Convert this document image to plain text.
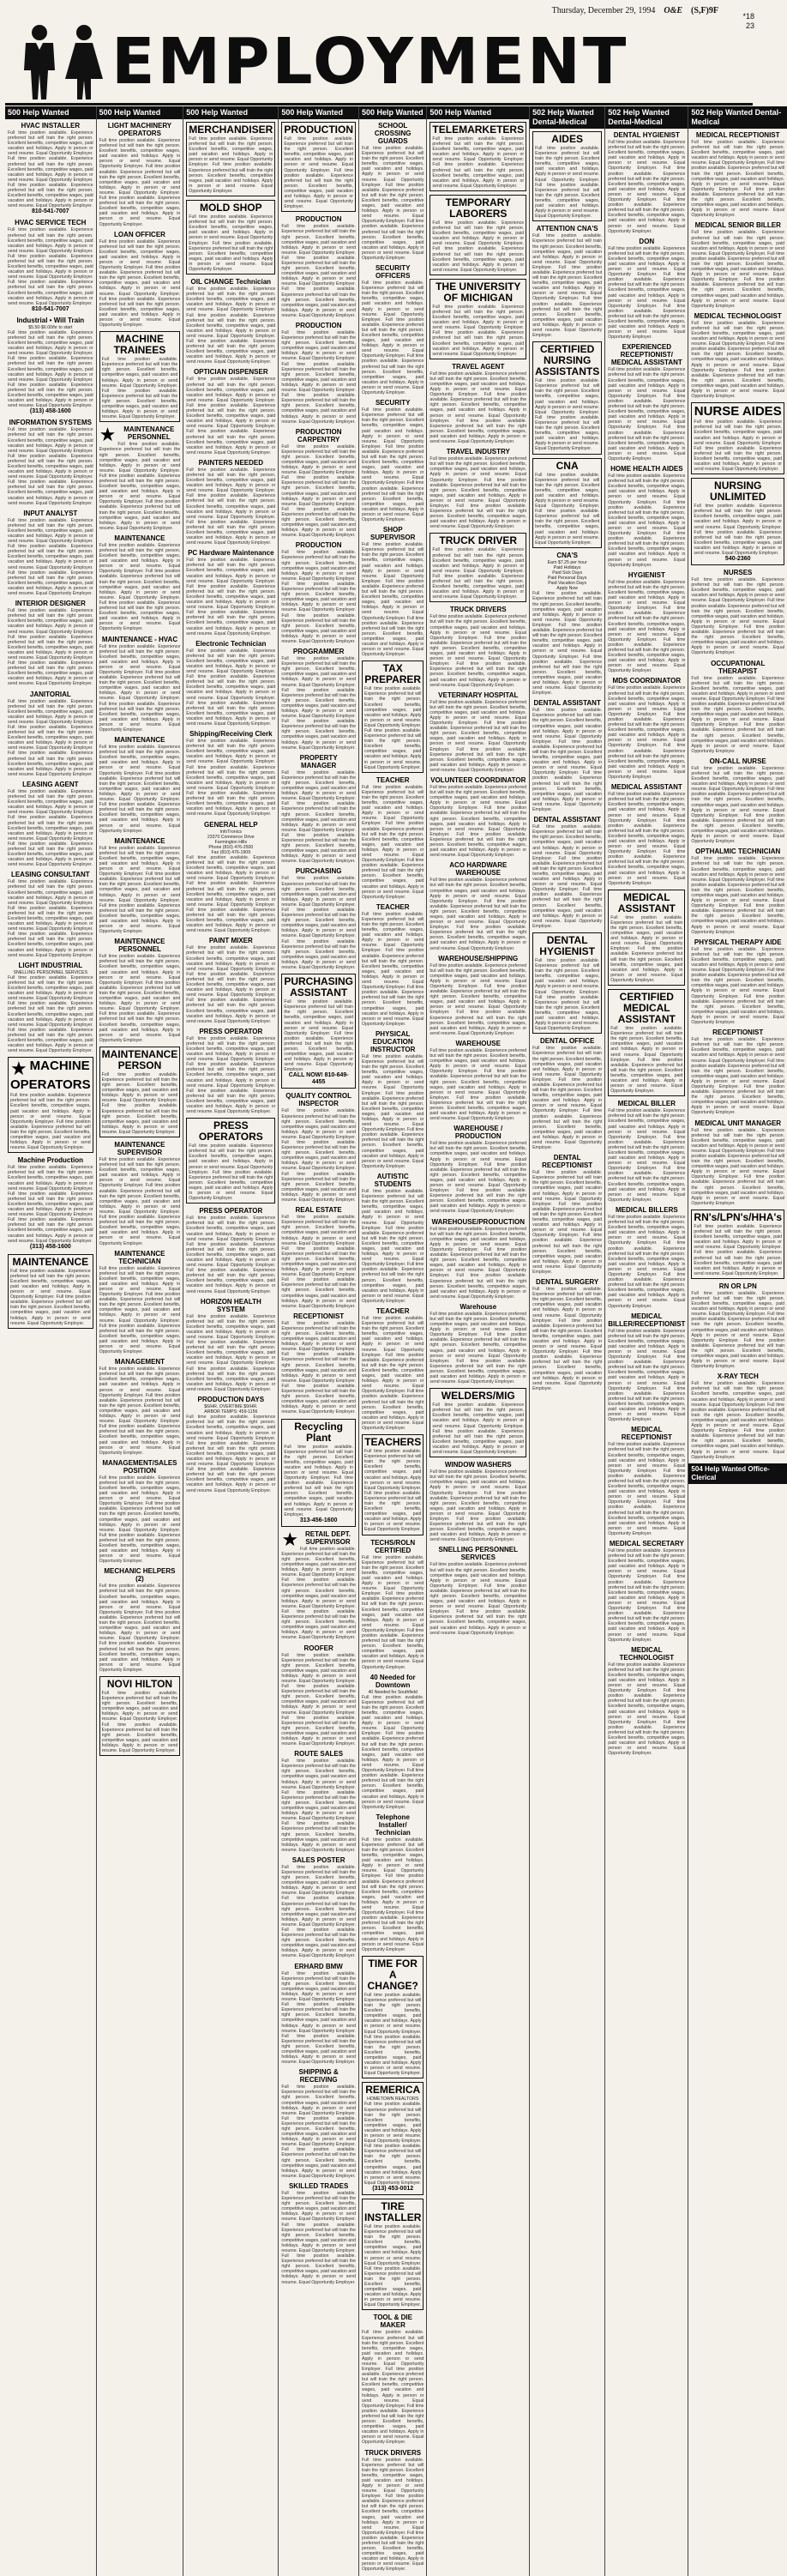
Thursday, December 29, 1994 O&E (S,F)9F
*18
23
EMPLOYMENT
500 Help Wanted

HVAC INSTALLER

Full time position available. Experience preferred but will train the right person. Excellent benefits, competitive wages, paid vacation and holidays. Apply in person or send resume. Equal Opportunity Employer. Full time position available. Experience preferred but will train the right person. Excellent benefits, competitive wages, paid vacation and holidays. Apply in person or send resume. Equal Opportunity Employer. Full time position available. Experience preferred but will train the right person. Excellent benefits, competitive wages, paid vacation and holidays. Apply in person or send resume. Equal Opportunity Employer.

810-541-7007

HVAC SERVICE TECH

Full time position available. Experience preferred but will train the right person. Excellent benefits, competitive wages, paid vacation and holidays. Apply in person or send resume. Equal Opportunity Employer. Full time position available. Experience preferred but will train the right person. Excellent benefits, competitive wages, paid vacation and holidays. Apply in person or send resume. Equal Opportunity Employer. Full time position available. Experience preferred but will train the right person. Excellent benefits, competitive wages, paid vacation and holidays. Apply in person or send resume. Equal Opportunity Employer.

810-541-7007

Industrial • Will Train

$5.50-$6.00/hr to start

Full time position available. Experience preferred but will train the right person. Excellent benefits, competitive wages, paid vacation and holidays. Apply in person or send resume. Equal Opportunity Employer. Full time position available. Experience preferred but will train the right person. Excellent benefits, competitive wages, paid vacation and holidays. Apply in person or send resume. Equal Opportunity Employer. Full time position available. Experience preferred but will train the right person. Excellent benefits, competitive wages, paid vacation and holidays. Apply in person or send resume. Equal Opportunity Employer.

(313) 458-1600

INFORMATION SYSTEMS

Full time position available. Experience preferred but will train the right person. Excellent benefits, competitive wages, paid vacation and holidays. Apply in person or send resume. Equal Opportunity Employer. Full time position available. Experience preferred but will train the right person. Excellent benefits, competitive wages, paid vacation and holidays. Apply in person or send resume. Equal Opportunity Employer. Full time position available. Experience preferred but will train the right person. Excellent benefits, competitive wages, paid vacation and holidays. Apply in person or send resume. Equal Opportunity Employer.

INPUT ANALYST

Full time position available. Experience preferred but will train the right person. Excellent benefits, competitive wages, paid vacation and holidays. Apply in person or send resume. Equal Opportunity Employer. Full time position available. Experience preferred but will train the right person. Excellent benefits, competitive wages, paid vacation and holidays. Apply in person or send resume. Equal Opportunity Employer. Full time position available. Experience preferred but will train the right person. Excellent benefits, competitive wages, paid vacation and holidays. Apply in person or send resume. Equal Opportunity Employer.

INTERIOR DESIGNER

Full time position available. Experience preferred but will train the right person. Excellent benefits, competitive wages, paid vacation and holidays. Apply in person or send resume. Equal Opportunity Employer. Full time position available. Experience preferred but will train the right person. Excellent benefits, competitive wages, paid vacation and holidays. Apply in person or send resume. Equal Opportunity Employer. Full time position available. Experience preferred but will train the right person. Excellent benefits, competitive wages, paid vacation and holidays. Apply in person or send resume. Equal Opportunity Employer.

JANITORIAL

Full time position available. Experience preferred but will train the right person. Excellent benefits, competitive wages, paid vacation and holidays. Apply in person or send resume. Equal Opportunity Employer. Full time position available. Experience preferred but will train the right person. Excellent benefits, competitive wages, paid vacation and holidays. Apply in person or send resume. Equal Opportunity Employer. Full time position available. Experience preferred but will train the right person. Excellent benefits, competitive wages, paid vacation and holidays. Apply in person or send resume. Equal Opportunity Employer.

LEASING AGENT

Full time position available. Experience preferred but will train the right person. Excellent benefits, competitive wages, paid vacation and holidays. Apply in person or send resume. Equal Opportunity Employer. Full time position available. Experience preferred but will train the right person. Excellent benefits, competitive wages, paid vacation and holidays. Apply in person or send resume. Equal Opportunity Employer. Full time position available. Experience preferred but will train the right person. Excellent benefits, competitive wages, paid vacation and holidays. Apply in person or send resume. Equal Opportunity Employer.

LEASING CONSULTANT

Full time position available. Experience preferred but will train the right person. Excellent benefits, competitive wages, paid vacation and holidays. Apply in person or send resume. Equal Opportunity Employer. Full time position available. Experience preferred but will train the right person. Excellent benefits, competitive wages, paid vacation and holidays. Apply in person or send resume. Equal Opportunity Employer. Full time position available. Experience preferred but will train the right person. Excellent benefits, competitive wages, paid vacation and holidays. Apply in person or send resume. Equal Opportunity Employer.

LIGHT INDUSTRIAL

SNELLING PERSONNEL SERVICES

Full time position available. Experience preferred but will train the right person. Excellent benefits, competitive wages, paid vacation and holidays. Apply in person or send resume. Equal Opportunity Employer. Full time position available. Experience preferred but will train the right person. Excellent benefits, competitive wages, paid vacation and holidays. Apply in person or send resume. Equal Opportunity Employer. Full time position available. Experience preferred but will train the right person. Excellent benefits, competitive wages, paid vacation and holidays. Apply in person or send resume. Equal Opportunity Employer.

★ MACHINE OPERATORS

Full time position available. Experience preferred but will train the right person. Excellent benefits, competitive wages, paid vacation and holidays. Apply in person or send resume. Equal Opportunity Employer. Full time position available. Experience preferred but will train the right person. Excellent benefits, competitive wages, paid vacation and holidays. Apply in person or send resume. Equal Opportunity Employer.

Machine Production

Full time position available. Experience preferred but will train the right person. Excellent benefits, competitive wages, paid vacation and holidays. Apply in person or send resume. Equal Opportunity Employer. Full time position available. Experience preferred but will train the right person. Excellent benefits, competitive wages, paid vacation and holidays. Apply in person or send resume. Equal Opportunity Employer. Full time position available. Experience preferred but will train the right person. Excellent benefits, competitive wages, paid vacation and holidays. Apply in person or send resume. Equal Opportunity Employer.

(313) 458-1600

MAINTENANCE

Full time position available. Experience preferred but will train the right person. Excellent benefits, competitive wages, paid vacation and holidays. Apply in person or send resume. Equal Opportunity Employer. Full time position available. Experience preferred but will train the right person. Excellent benefits, competitive wages, paid vacation and holidays. Apply in person or send resume. Equal Opportunity Employer.

500 Help Wanted

LIGHT MACHINERY OPERATORS

Full time position available. Experience preferred but will train the right person. Excellent benefits, competitive wages, paid vacation and holidays. Apply in person or send resume. Equal Opportunity Employer. Full time position available. Experience preferred but will train the right person. Excellent benefits, competitive wages, paid vacation and holidays. Apply in person or send resume. Equal Opportunity Employer. Full time position available. Experience preferred but will train the right person. Excellent benefits, competitive wages, paid vacation and holidays. Apply in person or send resume. Equal Opportunity Employer.

LOAN OFFICER

Full time position available. Experience preferred but will train the right person. Excellent benefits, competitive wages, paid vacation and holidays. Apply in person or send resume. Equal Opportunity Employer. Full time position available. Experience preferred but will train the right person. Excellent benefits, competitive wages, paid vacation and holidays. Apply in person or send resume. Equal Opportunity Employer. Full time position available. Experience preferred but will train the right person. Excellent benefits, competitive wages, paid vacation and holidays. Apply in person or send resume. Equal Opportunity Employer.

MACHINE TRAINEES

Full time position available. Experience preferred but will train the right person. Excellent benefits, competitive wages, paid vacation and holidays. Apply in person or send resume. Equal Opportunity Employer. Full time position available. Experience preferred but will train the right person. Excellent benefits, competitive wages, paid vacation and holidays. Apply in person or send resume. Equal Opportunity Employer.

★	MAINTENANCE PERSONNEL

Full time position available. Experience preferred but will train the right person. Excellent benefits, competitive wages, paid vacation and holidays. Apply in person or send resume. Equal Opportunity Employer. Full time position available. Experience preferred but will train the right person. Excellent benefits, competitive wages, paid vacation and holidays. Apply in person or send resume. Equal Opportunity Employer. Full time position available. Experience preferred but will train the right person. Excellent benefits, competitive wages, paid vacation and holidays. Apply in person or send resume. Equal Opportunity Employer.

MAINTENANCE

Full time position available. Experience preferred but will train the right person. Excellent benefits, competitive wages, paid vacation and holidays. Apply in person or send resume. Equal Opportunity Employer. Full time position available. Experience preferred but will train the right person. Excellent benefits, competitive wages, paid vacation and holidays. Apply in person or send resume. Equal Opportunity Employer. Full time position available. Experience preferred but will train the right person. Excellent benefits, competitive wages, paid vacation and holidays. Apply in person or send resume. Equal Opportunity Employer.

MAINTENANCE - HVAC

Full time position available. Experience preferred but will train the right person. Excellent benefits, competitive wages, paid vacation and holidays. Apply in person or send resume. Equal Opportunity Employer. Full time position available. Experience preferred but will train the right person. Excellent benefits, competitive wages, paid vacation and holidays. Apply in person or send resume. Equal Opportunity Employer. Full time position available. Experience preferred but will train the right person. Excellent benefits, competitive wages, paid vacation and holidays. Apply in person or send resume. Equal Opportunity Employer.

MAINTENANCE

Full time position available. Experience preferred but will train the right person. Excellent benefits, competitive wages, paid vacation and holidays. Apply in person or send resume. Equal Opportunity Employer. Full time position available. Experience preferred but will train the right person. Excellent benefits, competitive wages, paid vacation and holidays. Apply in person or send resume. Equal Opportunity Employer. Full time position available. Experience preferred but will train the right person. Excellent benefits, competitive wages, paid vacation and holidays. Apply in person or send resume. Equal Opportunity Employer.

MAINTENANCE

Full time position available. Experience preferred but will train the right person. Excellent benefits, competitive wages, paid vacation and holidays. Apply in person or send resume. Equal Opportunity Employer. Full time position available. Experience preferred but will train the right person. Excellent benefits, competitive wages, paid vacation and holidays. Apply in person or send resume. Equal Opportunity Employer. Full time position available. Experience preferred but will train the right person. Excellent benefits, competitive wages, paid vacation and holidays. Apply in person or send resume. Equal Opportunity Employer.

MAINTENANCE PERSONNEL

Full time position available. Experience preferred but will train the right person. Excellent benefits, competitive wages, paid vacation and holidays. Apply in person or send resume. Equal Opportunity Employer. Full time position available. Experience preferred but will train the right person. Excellent benefits, competitive wages, paid vacation and holidays. Apply in person or send resume. Equal Opportunity Employer. Full time position available. Experience preferred but will train the right person. Excellent benefits, competitive wages, paid vacation and holidays. Apply in person or send resume. Equal Opportunity Employer.

MAINTENANCE PERSON

Full time position available. Experience preferred but will train the right person. Excellent benefits, competitive wages, paid vacation and holidays. Apply in person or send resume. Equal Opportunity Employer. Full time position available. Experience preferred but will train the right person. Excellent benefits, competitive wages, paid vacation and holidays. Apply in person or send resume. Equal Opportunity Employer.

MAINTENANCE SUPERVISOR

Full time position available. Experience preferred but will train the right person. Excellent benefits, competitive wages, paid vacation and holidays. Apply in person or send resume. Equal Opportunity Employer. Full time position available. Experience preferred but will train the right person. Excellent benefits, competitive wages, paid vacation and holidays. Apply in person or send resume. Equal Opportunity Employer. Full time position available. Experience preferred but will train the right person. Excellent benefits, competitive wages, paid vacation and holidays. Apply in person or send resume. Equal Opportunity Employer.

MAINTENANCE TECHNICIAN

Full time position available. Experience preferred but will train the right person. Excellent benefits, competitive wages, paid vacation and holidays. Apply in person or send resume. Equal Opportunity Employer. Full time position available. Experience preferred but will train the right person. Excellent benefits, competitive wages, paid vacation and holidays. Apply in person or send resume. Equal Opportunity Employer. Full time position available. Experience preferred but will train the right person. Excellent benefits, competitive wages, paid vacation and holidays. Apply in person or send resume. Equal Opportunity Employer.

MANAGEMENT

Full time position available. Experience preferred but will train the right person. Excellent benefits, competitive wages, paid vacation and holidays. Apply in person or send resume. Equal Opportunity Employer. Full time position available. Experience preferred but will train the right person. Excellent benefits, competitive wages, paid vacation and holidays. Apply in person or send resume. Equal Opportunity Employer. Full time position available. Experience preferred but will train the right person. Excellent benefits, competitive wages, paid vacation and holidays. Apply in person or send resume. Equal Opportunity Employer.

MANAGEMENT/SALES POSITION

Full time position available. Experience preferred but will train the right person. Excellent benefits, competitive wages, paid vacation and holidays. Apply in person or send resume. Equal Opportunity Employer. Full time position available. Experience preferred but will train the right person. Excellent benefits, competitive wages, paid vacation and holidays. Apply in person or send resume. Equal Opportunity Employer. Full time position available. Experience preferred but will train the right person. Excellent benefits, competitive wages, paid vacation and holidays. Apply in person or send resume. Equal Opportunity Employer.

MECHANIC HELPERS (2)

Full time position available. Experience preferred but will train the right person. Excellent benefits, competitive wages, paid vacation and holidays. Apply in person or send resume. Equal Opportunity Employer. Full time position available. Experience preferred but will train the right person. Excellent benefits, competitive wages, paid vacation and holidays. Apply in person or send resume. Equal Opportunity Employer. Full time position available. Experience preferred but will train the right person. Excellent benefits, competitive wages, paid vacation and holidays. Apply in person or send resume. Equal Opportunity Employer.

NOVI HILTON

Full time position available. Experience preferred but will train the right person. Excellent benefits, competitive wages, paid vacation and holidays. Apply in person or send resume. Equal Opportunity Employer. Full time position available. Experience preferred but will train the right person. Excellent benefits, competitive wages, paid vacation and holidays. Apply in person or send resume. Equal Opportunity Employer.

500 Help Wanted

MERCHANDISER

Full time position available. Experience preferred but will train the right person. Excellent benefits, competitive wages, paid vacation and holidays. Apply in person or send resume. Equal Opportunity Employer. Full time position available. Experience preferred but will train the right person. Excellent benefits, competitive wages, paid vacation and holidays. Apply in person or send resume. Equal Opportunity Employer.

MOLD SHOP

Full time position available. Experience preferred but will train the right person. Excellent benefits, competitive wages, paid vacation and holidays. Apply in person or send resume. Equal Opportunity Employer. Full time position available. Experience preferred but will train the right person. Excellent benefits, competitive wages, paid vacation and holidays. Apply in person or send resume. Equal Opportunity Employer.

OIL CHANGE Technician

Full time position available. Experience preferred but will train the right person. Excellent benefits, competitive wages, paid vacation and holidays. Apply in person or send resume. Equal Opportunity Employer. Full time position available. Experience preferred but will train the right person. Excellent benefits, competitive wages, paid vacation and holidays. Apply in person or send resume. Equal Opportunity Employer. Full time position available. Experience preferred but will train the right person. Excellent benefits, competitive wages, paid vacation and holidays. Apply in person or send resume. Equal Opportunity Employer.

OPTICIAN DISPENSER

Full time position available. Experience preferred but will train the right person. Excellent benefits, competitive wages, paid vacation and holidays. Apply in person or send resume. Equal Opportunity Employer. Full time position available. Experience preferred but will train the right person. Excellent benefits, competitive wages, paid vacation and holidays. Apply in person or send resume. Equal Opportunity Employer. Full time position available. Experience preferred but will train the right person. Excellent benefits, competitive wages, paid vacation and holidays. Apply in person or send resume. Equal Opportunity Employer.

PAINTERS NEEDED

Full time position available. Experience preferred but will train the right person. Excellent benefits, competitive wages, paid vacation and holidays. Apply in person or send resume. Equal Opportunity Employer. Full time position available. Experience preferred but will train the right person. Excellent benefits, competitive wages, paid vacation and holidays. Apply in person or send resume. Equal Opportunity Employer. Full time position available. Experience preferred but will train the right person. Excellent benefits, competitive wages, paid vacation and holidays. Apply in person or send resume. Equal Opportunity Employer.

PC Hardware Maintenance

Full time position available. Experience preferred but will train the right person. Excellent benefits, competitive wages, paid vacation and holidays. Apply in person or send resume. Equal Opportunity Employer. Full time position available. Experience preferred but will train the right person. Excellent benefits, competitive wages, paid vacation and holidays. Apply in person or send resume. Equal Opportunity Employer. Full time position available. Experience preferred but will train the right person. Excellent benefits, competitive wages, paid vacation and holidays. Apply in person or send resume. Equal Opportunity Employer.

Electronic Technician

Full time position available. Experience preferred but will train the right person. Excellent benefits, competitive wages, paid vacation and holidays. Apply in person or send resume. Equal Opportunity Employer. Full time position available. Experience preferred but will train the right person. Excellent benefits, competitive wages, paid vacation and holidays. Apply in person or send resume. Equal Opportunity Employer. Full time position available. Experience preferred but will train the right person. Excellent benefits, competitive wages, paid vacation and holidays. Apply in person or send resume. Equal Opportunity Employer.

Shipping/Receiving Clerk

Full time position available. Experience preferred but will train the right person. Excellent benefits, competitive wages, paid vacation and holidays. Apply in person or send resume. Equal Opportunity Employer. Full time position available. Experience preferred but will train the right person. Excellent benefits, competitive wages, paid vacation and holidays. Apply in person or send resume. Equal Opportunity Employer. Full time position available. Experience preferred but will train the right person. Excellent benefits, competitive wages, paid vacation and holidays. Apply in person or send resume. Equal Opportunity Employer.

GENERAL HELP

InfoTronics

23370 Commerce Drive

Farmington Hills

Phone (810) 476-2500

Fax (810) 476-1909

Full time position available. Experience preferred but will train the right person. Excellent benefits, competitive wages, paid vacation and holidays. Apply in person or send resume. Equal Opportunity Employer. Full time position available. Experience preferred but will train the right person. Excellent benefits, competitive wages, paid vacation and holidays. Apply in person or send resume. Equal Opportunity Employer. Full time position available. Experience preferred but will train the right person. Excellent benefits, competitive wages, paid vacation and holidays. Apply in person or send resume. Equal Opportunity Employer.

PAINT MIXER

Full time position available. Experience preferred but will train the right person. Excellent benefits, competitive wages, paid vacation and holidays. Apply in person or send resume. Equal Opportunity Employer. Full time position available. Experience preferred but will train the right person. Excellent benefits, competitive wages, paid vacation and holidays. Apply in person or send resume. Equal Opportunity Employer. Full time position available. Experience preferred but will train the right person. Excellent benefits, competitive wages, paid vacation and holidays. Apply in person or send resume. Equal Opportunity Employer.

PRESS OPERATOR

Full time position available. Experience preferred but will train the right person. Excellent benefits, competitive wages, paid vacation and holidays. Apply in person or send resume. Equal Opportunity Employer. Full time position available. Experience preferred but will train the right person. Excellent benefits, competitive wages, paid vacation and holidays. Apply in person or send resume. Equal Opportunity Employer. Full time position available. Experience preferred but will train the right person. Excellent benefits, competitive wages, paid vacation and holidays. Apply in person or send resume. Equal Opportunity Employer.

PRESS OPERATORS

Full time position available. Experience preferred but will train the right person. Excellent benefits, competitive wages, paid vacation and holidays. Apply in person or send resume. Equal Opportunity Employer. Full time position available. Experience preferred but will train the right person. Excellent benefits, competitive wages, paid vacation and holidays. Apply in person or send resume. Equal Opportunity Employer.

PRESS OPERATOR

Full time position available. Experience preferred but will train the right person. Excellent benefits, competitive wages, paid vacation and holidays. Apply in person or send resume. Equal Opportunity Employer. Full time position available. Experience preferred but will train the right person. Excellent benefits, competitive wages, paid vacation and holidays. Apply in person or send resume. Equal Opportunity Employer. Full time position available. Experience preferred but will train the right person. Excellent benefits, competitive wages, paid vacation and holidays. Apply in person or send resume. Equal Opportunity Employer.

HORIZON HEALTH SYSTEM

Full time position available. Experience preferred but will train the right person. Excellent benefits, competitive wages, paid vacation and holidays. Apply in person or send resume. Equal Opportunity Employer. Full time position available. Experience preferred but will train the right person. Excellent benefits, competitive wages, paid vacation and holidays. Apply in person or send resume. Equal Opportunity Employer. Full time position available. Experience preferred but will train the right person. Excellent benefits, competitive wages, paid vacation and holidays. Apply in person or send resume. Equal Opportunity Employer.

PRODUCTION DAYS

$6/HR. OVERTIME $9/HR.

ARBOR TEMPS: 459-1156

Full time position available. Experience preferred but will train the right person. Excellent benefits, competitive wages, paid vacation and holidays. Apply in person or send resume. Equal Opportunity Employer. Full time position available. Experience preferred but will train the right person. Excellent benefits, competitive wages, paid vacation and holidays. Apply in person or send resume. Equal Opportunity Employer. Full time position available. Experience preferred but will train the right person. Excellent benefits, competitive wages, paid vacation and holidays. Apply in person or send resume. Equal Opportunity Employer.

500 Help Wanted

PRODUCTION

Full time position available. Experience preferred but will train the right person. Excellent benefits, competitive wages, paid vacation and holidays. Apply in person or send resume. Equal Opportunity Employer. Full time position available. Experience preferred but will train the right person. Excellent benefits, competitive wages, paid vacation and holidays. Apply in person or send resume. Equal Opportunity Employer.

PRODUCTION

Full time position available. Experience preferred but will train the right person. Excellent benefits, competitive wages, paid vacation and holidays. Apply in person or send resume. Equal Opportunity Employer. Full time position available. Experience preferred but will train the right person. Excellent benefits, competitive wages, paid vacation and holidays. Apply in person or send resume. Equal Opportunity Employer. Full time position available. Experience preferred but will train the right person. Excellent benefits, competitive wages, paid vacation and holidays. Apply in person or send resume. Equal Opportunity Employer.

PRODUCTION

Full time position available. Experience preferred but will train the right person. Excellent benefits, competitive wages, paid vacation and holidays. Apply in person or send resume. Equal Opportunity Employer. Full time position available. Experience preferred but will train the right person. Excellent benefits, competitive wages, paid vacation and holidays. Apply in person or send resume. Equal Opportunity Employer. Full time position available. Experience preferred but will train the right person. Excellent benefits, competitive wages, paid vacation and holidays. Apply in person or send resume. Equal Opportunity Employer.

PRODUCTION CARPENTRY

Full time position available. Experience preferred but will train the right person. Excellent benefits, competitive wages, paid vacation and holidays. Apply in person or send resume. Equal Opportunity Employer. Full time position available. Experience preferred but will train the right person. Excellent benefits, competitive wages, paid vacation and holidays. Apply in person or send resume. Equal Opportunity Employer. Full time position available. Experience preferred but will train the right person. Excellent benefits, competitive wages, paid vacation and holidays. Apply in person or send resume. Equal Opportunity Employer.

PRODUCTION

Full time position available. Experience preferred but will train the right person. Excellent benefits, competitive wages, paid vacation and holidays. Apply in person or send resume. Equal Opportunity Employer. Full time position available. Experience preferred but will train the right person. Excellent benefits, competitive wages, paid vacation and holidays. Apply in person or send resume. Equal Opportunity Employer. Full time position available. Experience preferred but will train the right person. Excellent benefits, competitive wages, paid vacation and holidays. Apply in person or send resume. Equal Opportunity Employer.

PROGRAMMER

Full time position available. Experience preferred but will train the right person. Excellent benefits, competitive wages, paid vacation and holidays. Apply in person or send resume. Equal Opportunity Employer. Full time position available. Experience preferred but will train the right person. Excellent benefits, competitive wages, paid vacation and holidays. Apply in person or send resume. Equal Opportunity Employer. Full time position available. Experience preferred but will train the right person. Excellent benefits, competitive wages, paid vacation and holidays. Apply in person or send resume. Equal Opportunity Employer.

PROPERTY MANAGER

Full time position available. Experience preferred but will train the right person. Excellent benefits, competitive wages, paid vacation and holidays. Apply in person or send resume. Equal Opportunity Employer. Full time position available. Experience preferred but will train the right person. Excellent benefits, competitive wages, paid vacation and holidays. Apply in person or send resume. Equal Opportunity Employer. Full time position available. Experience preferred but will train the right person. Excellent benefits, competitive wages, paid vacation and holidays. Apply in person or send resume. Equal Opportunity Employer.

PURCHASING

Full time position available. Experience preferred but will train the right person. Excellent benefits, competitive wages, paid vacation and holidays. Apply in person or send resume. Equal Opportunity Employer. Full time position available. Experience preferred but will train the right person. Excellent benefits, competitive wages, paid vacation and holidays. Apply in person or send resume. Equal Opportunity Employer. Full time position available. Experience preferred but will train the right person. Excellent benefits, competitive wages, paid vacation and holidays. Apply in person or send resume. Equal Opportunity Employer.

PURCHASING ASSISTANT

Full time position available. Experience preferred but will train the right person. Excellent benefits, competitive wages, paid vacation and holidays. Apply in person or send resume. Equal Opportunity Employer. Full time position available. Experience preferred but will train the right person. Excellent benefits, competitive wages, paid vacation and holidays. Apply in person or send resume. Equal Opportunity Employer.

CALL NOW! 810-649-4455

QUALITY CONTROL INSPECTOR

Full time position available. Experience preferred but will train the right person. Excellent benefits, competitive wages, paid vacation and holidays. Apply in person or send resume. Equal Opportunity Employer. Full time position available. Experience preferred but will train the right person. Excellent benefits, competitive wages, paid vacation and holidays. Apply in person or send resume. Equal Opportunity Employer. Full time position available. Experience preferred but will train the right person. Excellent benefits, competitive wages, paid vacation and holidays. Apply in person or send resume. Equal Opportunity Employer.

REAL ESTATE

Full time position available. Experience preferred but will train the right person. Excellent benefits, competitive wages, paid vacation and holidays. Apply in person or send resume. Equal Opportunity Employer. Full time position available. Experience preferred but will train the right person. Excellent benefits, competitive wages, paid vacation and holidays. Apply in person or send resume. Equal Opportunity Employer. Full time position available. Experience preferred but will train the right person. Excellent benefits, competitive wages, paid vacation and holidays. Apply in person or send resume. Equal Opportunity Employer.

RECEPTIONIST

Full time position available. Experience preferred but will train the right person. Excellent benefits, competitive wages, paid vacation and holidays. Apply in person or send resume. Equal Opportunity Employer. Full time position available. Experience preferred but will train the right person. Excellent benefits, competitive wages, paid vacation and holidays. Apply in person or send resume. Equal Opportunity Employer. Full time position available. Experience preferred but will train the right person. Excellent benefits, competitive wages, paid vacation and holidays. Apply in person or send resume. Equal Opportunity Employer.

Recycling Plant

Full time position available. Experience preferred but will train the right person. Excellent benefits, competitive wages, paid vacation and holidays. Apply in person or send resume. Equal Opportunity Employer. Full time position available. Experience preferred but will train the right person. Excellent benefits, competitive wages, paid vacation and holidays. Apply in person or send resume. Equal Opportunity Employer.

313-456-1600

★ RETAIL DEPT. SUPERVISOR

Full time position available. Experience preferred but will train the right person. Excellent benefits, competitive wages, paid vacation and holidays. Apply in person or send resume. Equal Opportunity Employer. Full time position available. Experience preferred but will train the right person. Excellent benefits, competitive wages, paid vacation and holidays. Apply in person or send resume. Equal Opportunity Employer. Full time position available. Experience preferred but will train the right person. Excellent benefits, competitive wages, paid vacation and holidays. Apply in person or send resume. Equal Opportunity Employer.

ROOFER

Full time position available. Experience preferred but will train the right person. Excellent benefits, competitive wages, paid vacation and holidays. Apply in person or send resume. Equal Opportunity Employer. Full time position available. Experience preferred but will train the right person. Excellent benefits, competitive wages, paid vacation and holidays. Apply in person or send resume. Equal Opportunity Employer. Full time position available. Experience preferred but will train the right person. Excellent benefits, competitive wages, paid vacation and holidays. Apply in person or send resume. Equal Opportunity Employer.

ROUTE SALES

Full time position available. Experience preferred but will train the right person. Excellent benefits, competitive wages, paid vacation and holidays. Apply in person or send resume. Equal Opportunity Employer. Full time position available. Experience preferred but will train the right person. Excellent benefits, competitive wages, paid vacation and holidays. Apply in person or send resume. Equal Opportunity Employer. Full time position available. Experience preferred but will train the right person. Excellent benefits, competitive wages, paid vacation and holidays. Apply in person or send resume. Equal Opportunity Employer.

SALES POSTER

Full time position available. Experience preferred but will train the right person. Excellent benefits, competitive wages, paid vacation and holidays. Apply in person or send resume. Equal Opportunity Employer. Full time position available. Experience preferred but will train the right person. Excellent benefits, competitive wages, paid vacation and holidays. Apply in person or send resume. Equal Opportunity Employer. Full time position available. Experience preferred but will train the right person. Excellent benefits, competitive wages, paid vacation and holidays. Apply in person or send resume. Equal Opportunity Employer.

ERHARD BMW

Full time position available. Experience preferred but will train the right person. Excellent benefits, competitive wages, paid vacation and holidays. Apply in person or send resume. Equal Opportunity Employer. Full time position available. Experience preferred but will train the right person. Excellent benefits, competitive wages, paid vacation and holidays. Apply in person or send resume. Equal Opportunity Employer. Full time position available. Experience preferred but will train the right person. Excellent benefits, competitive wages, paid vacation and holidays. Apply in person or send resume. Equal Opportunity Employer.

SHIPPING & RECEIVING

Full time position available. Experience preferred but will train the right person. Excellent benefits, competitive wages, paid vacation and holidays. Apply in person or send resume. Equal Opportunity Employer. Full time position available. Experience preferred but will train the right person. Excellent benefits, competitive wages, paid vacation and holidays. Apply in person or send resume. Equal Opportunity Employer. Full time position available. Experience preferred but will train the right person. Excellent benefits, competitive wages, paid vacation and holidays. Apply in person or send resume. Equal Opportunity Employer.

SKILLED TRADES

Full time position available. Experience preferred but will train the right person. Excellent benefits, competitive wages, paid vacation and holidays. Apply in person or send resume. Equal Opportunity Employer. Full time position available. Experience preferred but will train the right person. Excellent benefits, competitive wages, paid vacation and holidays. Apply in person or send resume. Equal Opportunity Employer. Full time position available. Experience preferred but will train the right person. Excellent benefits, competitive wages, paid vacation and holidays. Apply in person or send resume. Equal Opportunity Employer.

500 Help Wanted

SCHOOL CROSSING GUARDS

Full time position available. Experience preferred but will train the right person. Excellent benefits, competitive wages, paid vacation and holidays. Apply in person or send resume. Equal Opportunity Employer. Full time position available. Experience preferred but will train the right person. Excellent benefits, competitive wages, paid vacation and holidays. Apply in person or send resume. Equal Opportunity Employer. Full time position available. Experience preferred but will train the right person. Excellent benefits, competitive wages, paid vacation and holidays. Apply in person or send resume. Equal Opportunity Employer.

SECURITY OFFICERS

Full time position available. Experience preferred but will train the right person. Excellent benefits, competitive wages, paid vacation and holidays. Apply in person or send resume. Equal Opportunity Employer. Full time position available. Experience preferred but will train the right person. Excellent benefits, competitive wages, paid vacation and holidays. Apply in person or send resume. Equal Opportunity Employer. Full time position available. Experience preferred but will train the right person. Excellent benefits, competitive wages, paid vacation and holidays. Apply in person or send resume. Equal Opportunity Employer.

SECURITY

Full time position available. Experience preferred but will train the right person. Excellent benefits, competitive wages, paid vacation and holidays. Apply in person or send resume. Equal Opportunity Employer. Full time position available. Experience preferred but will train the right person. Excellent benefits, competitive wages, paid vacation and holidays. Apply in person or send resume. Equal Opportunity Employer. Full time position available. Experience preferred but will train the right person. Excellent benefits, competitive wages, paid vacation and holidays. Apply in person or send resume. Equal Opportunity Employer.

SHOP SUPERVISOR

Full time position available. Experience preferred but will train the right person. Excellent benefits, competitive wages, paid vacation and holidays. Apply in person or send resume. Equal Opportunity Employer. Full time position available. Experience preferred but will train the right person. Excellent benefits, competitive wages, paid vacation and holidays. Apply in person or send resume. Equal Opportunity Employer. Full time position available. Experience preferred but will train the right person. Excellent benefits, competitive wages, paid vacation and holidays. Apply in person or send resume. Equal Opportunity Employer.

TAX PREPARER

Full time position available. Experience preferred but will train the right person. Excellent benefits, competitive wages, paid vacation and holidays. Apply in person or send resume. Equal Opportunity Employer. Full time position available. Experience preferred but will train the right person. Excellent benefits, competitive wages, paid vacation and holidays. Apply in person or send resume. Equal Opportunity Employer.

TEACHER

Full time position available. Experience preferred but will train the right person. Excellent benefits, competitive wages, paid vacation and holidays. Apply in person or send resume. Equal Opportunity Employer. Full time position available. Experience preferred but will train the right person. Excellent benefits, competitive wages, paid vacation and holidays. Apply in person or send resume. Equal Opportunity Employer. Full time position available. Experience preferred but will train the right person. Excellent benefits, competitive wages, paid vacation and holidays. Apply in person or send resume. Equal Opportunity Employer.

TEACHER

Full time position available. Experience preferred but will train the right person. Excellent benefits, competitive wages, paid vacation and holidays. Apply in person or send resume. Equal Opportunity Employer. Full time position available. Experience preferred but will train the right person. Excellent benefits, competitive wages, paid vacation and holidays. Apply in person or send resume. Equal Opportunity Employer. Full time position available. Experience preferred but will train the right person. Excellent benefits, competitive wages, paid vacation and holidays. Apply in person or send resume. Equal Opportunity Employer.

PHYSICAL EDUCATION INSTRUCTOR

Full time position available. Experience preferred but will train the right person. Excellent benefits, competitive wages, paid vacation and holidays. Apply in person or send resume. Equal Opportunity Employer. Full time position available. Experience preferred but will train the right person. Excellent benefits, competitive wages, paid vacation and holidays. Apply in person or send resume. Equal Opportunity Employer. Full time position available. Experience preferred but will train the right person. Excellent benefits, competitive wages, paid vacation and holidays. Apply in person or send resume. Equal Opportunity Employer.

AUTISTIC STUDENTS

Full time position available. Experience preferred but will train the right person. Excellent benefits, competitive wages, paid vacation and holidays. Apply in person or send resume. Equal Opportunity Employer. Full time position available. Experience preferred but will train the right person. Excellent benefits, competitive wages, paid vacation and holidays. Apply in person or send resume. Equal Opportunity Employer. Full time position available. Experience preferred but will train the right person. Excellent benefits, competitive wages, paid vacation and holidays. Apply in person or send resume. Equal Opportunity Employer.

TEACHER

Full time position available. Experience preferred but will train the right person. Excellent benefits, competitive wages, paid vacation and holidays. Apply in person or send resume. Equal Opportunity Employer. Full time position available. Experience preferred but will train the right person. Excellent benefits, competitive wages, paid vacation and holidays. Apply in person or send resume. Equal Opportunity Employer. Full time position available. Experience preferred but will train the right person. Excellent benefits, competitive wages, paid vacation and holidays. Apply in person or send resume. Equal Opportunity Employer.

TEACHERS

Full time position available. Experience preferred but will train the right person. Excellent benefits, competitive wages, paid vacation and holidays. Apply in person or send resume. Equal Opportunity Employer. Full time position available. Experience preferred but will train the right person. Excellent benefits, competitive wages, paid vacation and holidays. Apply in person or send resume. Equal Opportunity Employer.

TECHS/ROLN CERTIFIED

Full time position available. Experience preferred but will train the right person. Excellent benefits, competitive wages, paid vacation and holidays. Apply in person or send resume. Equal Opportunity Employer. Full time position available. Experience preferred but will train the right person. Excellent benefits, competitive wages, paid vacation and holidays. Apply in person or send resume. Equal Opportunity Employer. Full time position available. Experience preferred but will train the right person. Excellent benefits, competitive wages, paid vacation and holidays. Apply in person or send resume. Equal Opportunity Employer.

40 Needed for Downtown

40 Needed for Southfield

Full time position available. Experience preferred but will train the right person. Excellent benefits, competitive wages, paid vacation and holidays. Apply in person or send resume. Equal Opportunity Employer. Full time position available. Experience preferred but will train the right person. Excellent benefits, competitive wages, paid vacation and holidays. Apply in person or send resume. Equal Opportunity Employer. Full time position available. Experience preferred but will train the right person. Excellent benefits, competitive wages, paid vacation and holidays. Apply in person or send resume. Equal Opportunity Employer.

Telephone Installer/ Technician

Full time position available. Experience preferred but will train the right person. Excellent benefits, competitive wages, paid vacation and holidays. Apply in person or send resume. Equal Opportunity Employer. Full time position available. Experience preferred but will train the right person. Excellent benefits, competitive wages, paid vacation and holidays. Apply in person or send resume. Equal Opportunity Employer. Full time position available. Experience preferred but will train the right person. Excellent benefits, competitive wages, paid vacation and holidays. Apply in person or send resume. Equal Opportunity Employer.

TIME FOR A CHANGE?

Full time position available. Experience preferred but will train the right person. Excellent benefits, competitive wages, paid vacation and holidays. Apply in person or send resume. Equal Opportunity Employer. Full time position available. Experience preferred but will train the right person. Excellent benefits, competitive wages, paid vacation and holidays. Apply in person or send resume. Equal Opportunity Employer.

REMERICA

HOMETOWN REALTORS

Full time position available. Experience preferred but will train the right person. Excellent benefits, competitive wages, paid vacation and holidays. Apply in person or send resume. Equal Opportunity Employer. Full time position available. Experience preferred but will train the right person. Excellent benefits, competitive wages, paid vacation and holidays. Apply in person or send resume. Equal Opportunity Employer.

(313) 453-0012

TIRE INSTALLER

Full time position available. Experience preferred but will train the right person. Excellent benefits, competitive wages, paid vacation and holidays. Apply in person or send resume. Equal Opportunity Employer. Full time position available. Experience preferred but will train the right person. Excellent benefits, competitive wages, paid vacation and holidays. Apply in person or send resume. Equal Opportunity Employer.

TOOL & DIE MAKER

Full time position available. Experience preferred but will train the right person. Excellent benefits, competitive wages, paid vacation and holidays. Apply in person or send resume. Equal Opportunity Employer. Full time position available. Experience preferred but will train the right person. Excellent benefits, competitive wages, paid vacation and holidays. Apply in person or send resume. Equal Opportunity Employer. Full time position available. Experience preferred but will train the right person. Excellent benefits, competitive wages, paid vacation and holidays. Apply in person or send resume. Equal Opportunity Employer.

TRUCK DRIVERS

Full time position available. Experience preferred but will train the right person. Excellent benefits, competitive wages, paid vacation and holidays. Apply in person or send resume. Equal Opportunity Employer. Full time position available. Experience preferred but will train the right person. Excellent benefits, competitive wages, paid vacation and holidays. Apply in person or send resume. Equal Opportunity Employer. Full time position available. Experience preferred but will train the right person. Excellent benefits, competitive wages, paid vacation and holidays. Apply in person or send resume. Equal Opportunity Employer.

500 Help Wanted

TELEMARKETERS

Full time position available. Experience preferred but will train the right person. Excellent benefits, competitive wages, paid vacation and holidays. Apply in person or send resume. Equal Opportunity Employer. Full time position available. Experience preferred but will train the right person. Excellent benefits, competitive wages, paid vacation and holidays. Apply in person or send resume. Equal Opportunity Employer.

TEMPORARY LABORERS

Full time position available. Experience preferred but will train the right person. Excellent benefits, competitive wages, paid vacation and holidays. Apply in person or send resume. Equal Opportunity Employer. Full time position available. Experience preferred but will train the right person. Excellent benefits, competitive wages, paid vacation and holidays. Apply in person or send resume. Equal Opportunity Employer.

THE UNIVERSITY OF MICHIGAN

Full time position available. Experience preferred but will train the right person. Excellent benefits, competitive wages, paid vacation and holidays. Apply in person or send resume. Equal Opportunity Employer. Full time position available. Experience preferred but will train the right person. Excellent benefits, competitive wages, paid vacation and holidays. Apply in person or send resume. Equal Opportunity Employer.

TRAVEL AGENT

Full time position available. Experience preferred but will train the right person. Excellent benefits, competitive wages, paid vacation and holidays. Apply in person or send resume. Equal Opportunity Employer. Full time position available. Experience preferred but will train the right person. Excellent benefits, competitive wages, paid vacation and holidays. Apply in person or send resume. Equal Opportunity Employer. Full time position available. Experience preferred but will train the right person. Excellent benefits, competitive wages, paid vacation and holidays. Apply in person or send resume. Equal Opportunity Employer.

TRAVEL INDUSTRY

Full time position available. Experience preferred but will train the right person. Excellent benefits, competitive wages, paid vacation and holidays. Apply in person or send resume. Equal Opportunity Employer. Full time position available. Experience preferred but will train the right person. Excellent benefits, competitive wages, paid vacation and holidays. Apply in person or send resume. Equal Opportunity Employer. Full time position available. Experience preferred but will train the right person. Excellent benefits, competitive wages, paid vacation and holidays. Apply in person or send resume. Equal Opportunity Employer.

TRUCK DRIVER

Full time position available. Experience preferred but will train the right person. Excellent benefits, competitive wages, paid vacation and holidays. Apply in person or send resume. Equal Opportunity Employer. Full time position available. Experience preferred but will train the right person. Excellent benefits, competitive wages, paid vacation and holidays. Apply in person or send resume. Equal Opportunity Employer.

TRUCK DRIVERS

Full time position available. Experience preferred but will train the right person. Excellent benefits, competitive wages, paid vacation and holidays. Apply in person or send resume. Equal Opportunity Employer. Full time position available. Experience preferred but will train the right person. Excellent benefits, competitive wages, paid vacation and holidays. Apply in person or send resume. Equal Opportunity Employer. Full time position available. Experience preferred but will train the right person. Excellent benefits, competitive wages, paid vacation and holidays. Apply in person or send resume. Equal Opportunity Employer.

VETERINARY HOSPITAL

Full time position available. Experience preferred but will train the right person. Excellent benefits, competitive wages, paid vacation and holidays. Apply in person or send resume. Equal Opportunity Employer. Full time position available. Experience preferred but will train the right person. Excellent benefits, competitive wages, paid vacation and holidays. Apply in person or send resume. Equal Opportunity Employer. Full time position available. Experience preferred but will train the right person. Excellent benefits, competitive wages, paid vacation and holidays. Apply in person or send resume. Equal Opportunity Employer.

VOLUNTEER COORDINATOR

Full time position available. Experience preferred but will train the right person. Excellent benefits, competitive wages, paid vacation and holidays. Apply in person or send resume. Equal Opportunity Employer. Full time position available. Experience preferred but will train the right person. Excellent benefits, competitive wages, paid vacation and holidays. Apply in person or send resume. Equal Opportunity Employer. Full time position available. Experience preferred but will train the right person. Excellent benefits, competitive wages, paid vacation and holidays. Apply in person or send resume. Equal Opportunity Employer.

ACO HARDWARE WAREHOUSE

Full time position available. Experience preferred but will train the right person. Excellent benefits, competitive wages, paid vacation and holidays. Apply in person or send resume. Equal Opportunity Employer. Full time position available. Experience preferred but will train the right person. Excellent benefits, competitive wages, paid vacation and holidays. Apply in person or send resume. Equal Opportunity Employer. Full time position available. Experience preferred but will train the right person. Excellent benefits, competitive wages, paid vacation and holidays. Apply in person or send resume. Equal Opportunity Employer.

WAREHOUSE/SHIPPING

Full time position available. Experience preferred but will train the right person. Excellent benefits, competitive wages, paid vacation and holidays. Apply in person or send resume. Equal Opportunity Employer. Full time position available. Experience preferred but will train the right person. Excellent benefits, competitive wages, paid vacation and holidays. Apply in person or send resume. Equal Opportunity Employer. Full time position available. Experience preferred but will train the right person. Excellent benefits, competitive wages, paid vacation and holidays. Apply in person or send resume. Equal Opportunity Employer.

WAREHOUSE

Full time position available. Experience preferred but will train the right person. Excellent benefits, competitive wages, paid vacation and holidays. Apply in person or send resume. Equal Opportunity Employer. Full time position available. Experience preferred but will train the right person. Excellent benefits, competitive wages, paid vacation and holidays. Apply in person or send resume. Equal Opportunity Employer. Full time position available. Experience preferred but will train the right person. Excellent benefits, competitive wages, paid vacation and holidays. Apply in person or send resume. Equal Opportunity Employer.

WAREHOUSE / PRODUCTION

Full time position available. Experience preferred but will train the right person. Excellent benefits, competitive wages, paid vacation and holidays. Apply in person or send resume. Equal Opportunity Employer. Full time position available. Experience preferred but will train the right person. Excellent benefits, competitive wages, paid vacation and holidays. Apply in person or send resume. Equal Opportunity Employer. Full time position available. Experience preferred but will train the right person. Excellent benefits, competitive wages, paid vacation and holidays. Apply in person or send resume. Equal Opportunity Employer.

WAREHOUSE/PRODUCTION

Full time position available. Experience preferred but will train the right person. Excellent benefits, competitive wages, paid vacation and holidays. Apply in person or send resume. Equal Opportunity Employer. Full time position available. Experience preferred but will train the right person. Excellent benefits, competitive wages, paid vacation and holidays. Apply in person or send resume. Equal Opportunity Employer. Full time position available. Experience preferred but will train the right person. Excellent benefits, competitive wages, paid vacation and holidays. Apply in person or send resume. Equal Opportunity Employer.

Warehouse

Full time position available. Experience preferred but will train the right person. Excellent benefits, competitive wages, paid vacation and holidays. Apply in person or send resume. Equal Opportunity Employer. Full time position available. Experience preferred but will train the right person. Excellent benefits, competitive wages, paid vacation and holidays. Apply in person or send resume. Equal Opportunity Employer. Full time position available. Experience preferred but will train the right person. Excellent benefits, competitive wages, paid vacation and holidays. Apply in person or send resume. Equal Opportunity Employer.

WELDERS/MIG

Full time position available. Experience preferred but will train the right person. Excellent benefits, competitive wages, paid vacation and holidays. Apply in person or send resume. Equal Opportunity Employer. Full time position available. Experience preferred but will train the right person. Excellent benefits, competitive wages, paid vacation and holidays. Apply in person or send resume. Equal Opportunity Employer.

WINDOW WASHERS

Full time position available. Experience preferred but will train the right person. Excellent benefits, competitive wages, paid vacation and holidays. Apply in person or send resume. Equal Opportunity Employer. Full time position available. Experience preferred but will train the right person. Excellent benefits, competitive wages, paid vacation and holidays. Apply in person or send resume. Equal Opportunity Employer. Full time position available. Experience preferred but will train the right person. Excellent benefits, competitive wages, paid vacation and holidays. Apply in person or send resume. Equal Opportunity Employer.

SNELLING PERSONNEL SERVICES

Full time position available. Experience preferred but will train the right person. Excellent benefits, competitive wages, paid vacation and holidays. Apply in person or send resume. Equal Opportunity Employer. Full time position available. Experience preferred but will train the right person. Excellent benefits, competitive wages, paid vacation and holidays. Apply in person or send resume. Equal Opportunity Employer. Full time position available. Experience preferred but will train the right person. Excellent benefits, competitive wages, paid vacation and holidays. Apply in person or send resume. Equal Opportunity Employer.

502 Help Wanted Dental-Medical

AIDES

Full time position available. Experience preferred but will train the right person. Excellent benefits, competitive wages, paid vacation and holidays. Apply in person or send resume. Equal Opportunity Employer. Full time position available. Experience preferred but will train the right person. Excellent benefits, competitive wages, paid vacation and holidays. Apply in person or send resume. Equal Opportunity Employer.

ATTENTION CNA'S

Full time position available. Experience preferred but will train the right person. Excellent benefits, competitive wages, paid vacation and holidays. Apply in person or send resume. Equal Opportunity Employer. Full time position available. Experience preferred but will train the right person. Excellent benefits, competitive wages, paid vacation and holidays. Apply in person or send resume. Equal Opportunity Employer. Full time position available. Experience preferred but will train the right person. Excellent benefits, competitive wages, paid vacation and holidays. Apply in person or send resume. Equal Opportunity Employer.

CERTIFIED NURSING ASSISTANTS

Full time position available. Experience preferred but will train the right person. Excellent benefits, competitive wages, paid vacation and holidays. Apply in person or send resume. Equal Opportunity Employer. Full time position available. Experience preferred but will train the right person. Excellent benefits, competitive wages, paid vacation and holidays. Apply in person or send resume. Equal Opportunity Employer.

CNA

Full time position available. Experience preferred but will train the right person. Excellent benefits, competitive wages, paid vacation and holidays. Apply in person or send resume. Equal Opportunity Employer. Full time position available. Experience preferred but will train the right person. Excellent benefits, competitive wages, paid vacation and holidays. Apply in person or send resume. Equal Opportunity Employer.

CNA'S

Earn $7.25 per hour

Paid Holidays

Paid Sick Days

Paid Personal Days

Paid Vacation Days

Apply Now

Full time position available. Experience preferred but will train the right person. Excellent benefits, competitive wages, paid vacation and holidays. Apply in person or send resume. Equal Opportunity Employer. Full time position available. Experience preferred but will train the right person. Excellent benefits, competitive wages, paid vacation and holidays. Apply in person or send resume. Equal Opportunity Employer. Full time position available. Experience preferred but will train the right person. Excellent benefits, competitive wages, paid vacation and holidays. Apply in person or send resume. Equal Opportunity Employer.

DENTAL ASSISTANT

Full time position available. Experience preferred but will train the right person. Excellent benefits, competitive wages, paid vacation and holidays. Apply in person or send resume. Equal Opportunity Employer. Full time position available. Experience preferred but will train the right person. Excellent benefits, competitive wages, paid vacation and holidays. Apply in person or send resume. Equal Opportunity Employer. Full time position available. Experience preferred but will train the right person. Excellent benefits, competitive wages, paid vacation and holidays. Apply in person or send resume. Equal Opportunity Employer.

DENTAL ASSISTANT

Full time position available. Experience preferred but will train the right person. Excellent benefits, competitive wages, paid vacation and holidays. Apply in person or send resume. Equal Opportunity Employer. Full time position available. Experience preferred but will train the right person. Excellent benefits, competitive wages, paid vacation and holidays. Apply in person or send resume. Equal Opportunity Employer. Full time position available. Experience preferred but will train the right person. Excellent benefits, competitive wages, paid vacation and holidays. Apply in person or send resume. Equal Opportunity Employer.

DENTAL HYGIENIST

Full time position available. Experience preferred but will train the right person. Excellent benefits, competitive wages, paid vacation and holidays. Apply in person or send resume. Equal Opportunity Employer. Full time position available. Experience preferred but will train the right person. Excellent benefits, competitive wages, paid vacation and holidays. Apply in person or send resume. Equal Opportunity Employer.

DENTAL OFFICE

Full time position available. Experience preferred but will train the right person. Excellent benefits, competitive wages, paid vacation and holidays. Apply in person or send resume. Equal Opportunity Employer. Full time position available. Experience preferred but will train the right person. Excellent benefits, competitive wages, paid vacation and holidays. Apply in person or send resume. Equal Opportunity Employer. Full time position available. Experience preferred but will train the right person. Excellent benefits, competitive wages, paid vacation and holidays. Apply in person or send resume. Equal Opportunity Employer.

DENTAL RECEPTIONIST

Full time position available. Experience preferred but will train the right person. Excellent benefits, competitive wages, paid vacation and holidays. Apply in person or send resume. Equal Opportunity Employer. Full time position available. Experience preferred but will train the right person. Excellent benefits, competitive wages, paid vacation and holidays. Apply in person or send resume. Equal Opportunity Employer. Full time position available. Experience preferred but will train the right person. Excellent benefits, competitive wages, paid vacation and holidays. Apply in person or send resume. Equal Opportunity Employer.

DENTAL SURGERY

Full time position available. Experience preferred but will train the right person. Excellent benefits, competitive wages, paid vacation and holidays. Apply in person or send resume. Equal Opportunity Employer. Full time position available. Experience preferred but will train the right person. Excellent benefits, competitive wages, paid vacation and holidays. Apply in person or send resume. Equal Opportunity Employer. Full time position available. Experience preferred but will train the right person. Excellent benefits, competitive wages, paid vacation and holidays. Apply in person or send resume. Equal Opportunity Employer.

502 Help Wanted Dental-Medical

DENTAL HYGIENIST

Full time position available. Experience preferred but will train the right person. Excellent benefits, competitive wages, paid vacation and holidays. Apply in person or send resume. Equal Opportunity Employer. Full time position available. Experience preferred but will train the right person. Excellent benefits, competitive wages, paid vacation and holidays. Apply in person or send resume. Equal Opportunity Employer. Full time position available. Experience preferred but will train the right person. Excellent benefits, competitive wages, paid vacation and holidays. Apply in person or send resume. Equal Opportunity Employer.

DON

Full time position available. Experience preferred but will train the right person. Excellent benefits, competitive wages, paid vacation and holidays. Apply in person or send resume. Equal Opportunity Employer. Full time position available. Experience preferred but will train the right person. Excellent benefits, competitive wages, paid vacation and holidays. Apply in person or send resume. Equal Opportunity Employer. Full time position available. Experience preferred but will train the right person. Excellent benefits, competitive wages, paid vacation and holidays. Apply in person or send resume. Equal Opportunity Employer.

EXPERIENCED RECEPTIONIST/ MEDICAL ASSISTANT

Full time position available. Experience preferred but will train the right person. Excellent benefits, competitive wages, paid vacation and holidays. Apply in person or send resume. Equal Opportunity Employer. Full time position available. Experience preferred but will train the right person. Excellent benefits, competitive wages, paid vacation and holidays. Apply in person or send resume. Equal Opportunity Employer. Full time position available. Experience preferred but will train the right person. Excellent benefits, competitive wages, paid vacation and holidays. Apply in person or send resume. Equal Opportunity Employer.

HOME HEALTH AIDES

Full time position available. Experience preferred but will train the right person. Excellent benefits, competitive wages, paid vacation and holidays. Apply in person or send resume. Equal Opportunity Employer. Full time position available. Experience preferred but will train the right person. Excellent benefits, competitive wages, paid vacation and holidays. Apply in person or send resume. Equal Opportunity Employer. Full time position available. Experience preferred but will train the right person. Excellent benefits, competitive wages, paid vacation and holidays. Apply in person or send resume. Equal Opportunity Employer.

HYGIENIST

Full time position available. Experience preferred but will train the right person. Excellent benefits, competitive wages, paid vacation and holidays. Apply in person or send resume. Equal Opportunity Employer. Full time position available. Experience preferred but will train the right person. Excellent benefits, competitive wages, paid vacation and holidays. Apply in person or send resume. Equal Opportunity Employer. Full time position available. Experience preferred but will train the right person. Excellent benefits, competitive wages, paid vacation and holidays. Apply in person or send resume. Equal Opportunity Employer.

MDS COORDINATOR

Full time position available. Experience preferred but will train the right person. Excellent benefits, competitive wages, paid vacation and holidays. Apply in person or send resume. Equal Opportunity Employer. Full time position available. Experience preferred but will train the right person. Excellent benefits, competitive wages, paid vacation and holidays. Apply in person or send resume. Equal Opportunity Employer. Full time position available. Experience preferred but will train the right person. Excellent benefits, competitive wages, paid vacation and holidays. Apply in person or send resume. Equal Opportunity Employer.

MEDICAL ASSISTANT

Full time position available. Experience preferred but will train the right person. Excellent benefits, competitive wages, paid vacation and holidays. Apply in person or send resume. Equal Opportunity Employer. Full time position available. Experience preferred but will train the right person. Excellent benefits, competitive wages, paid vacation and holidays. Apply in person or send resume. Equal Opportunity Employer. Full time position available. Experience preferred but will train the right person. Excellent benefits, competitive wages, paid vacation and holidays. Apply in person or send resume. Equal Opportunity Employer.

MEDICAL ASSISTANT

Full time position available. Experience preferred but will train the right person. Excellent benefits, competitive wages, paid vacation and holidays. Apply in person or send resume. Equal Opportunity Employer. Full time position available. Experience preferred but will train the right person. Excellent benefits, competitive wages, paid vacation and holidays. Apply in person or send resume. Equal Opportunity Employer.

CERTIFIED MEDICAL ASSISTANT

Full time position available. Experience preferred but will train the right person. Excellent benefits, competitive wages, paid vacation and holidays. Apply in person or send resume. Equal Opportunity Employer. Full time position available. Experience preferred but will train the right person. Excellent benefits, competitive wages, paid vacation and holidays. Apply in person or send resume. Equal Opportunity Employer.

MEDICAL BILLER

Full time position available. Experience preferred but will train the right person. Excellent benefits, competitive wages, paid vacation and holidays. Apply in person or send resume. Equal Opportunity Employer. Full time position available. Experience preferred but will train the right person. Excellent benefits, competitive wages, paid vacation and holidays. Apply in person or send resume. Equal Opportunity Employer. Full time position available. Experience preferred but will train the right person. Excellent benefits, competitive wages, paid vacation and holidays. Apply in person or send resume. Equal Opportunity Employer.

MEDICAL BILLERS

Full time position available. Experience preferred but will train the right person. Excellent benefits, competitive wages, paid vacation and holidays. Apply in person or send resume. Equal Opportunity Employer. Full time position available. Experience preferred but will train the right person. Excellent benefits, competitive wages, paid vacation and holidays. Apply in person or send resume. Equal Opportunity Employer. Full time position available. Experience preferred but will train the right person. Excellent benefits, competitive wages, paid vacation and holidays. Apply in person or send resume. Equal Opportunity Employer.

MEDICAL BILLER/RECEPTIONIST

Full time position available. Experience preferred but will train the right person. Excellent benefits, competitive wages, paid vacation and holidays. Apply in person or send resume. Equal Opportunity Employer. Full time position available. Experience preferred but will train the right person. Excellent benefits, competitive wages, paid vacation and holidays. Apply in person or send resume. Equal Opportunity Employer. Full time position available. Experience preferred but will train the right person. Excellent benefits, competitive wages, paid vacation and holidays. Apply in person or send resume. Equal Opportunity Employer.

MEDICAL RECEPTIONIST

Full time position available. Experience preferred but will train the right person. Excellent benefits, competitive wages, paid vacation and holidays. Apply in person or send resume. Equal Opportunity Employer. Full time position available. Experience preferred but will train the right person. Excellent benefits, competitive wages, paid vacation and holidays. Apply in person or send resume. Equal Opportunity Employer. Full time position available. Experience preferred but will train the right person. Excellent benefits, competitive wages, paid vacation and holidays. Apply in person or send resume. Equal Opportunity Employer.

MEDICAL SECRETARY

Full time position available. Experience preferred but will train the right person. Excellent benefits, competitive wages, paid vacation and holidays. Apply in person or send resume. Equal Opportunity Employer. Full time position available. Experience preferred but will train the right person. Excellent benefits, competitive wages, paid vacation and holidays. Apply in person or send resume. Equal Opportunity Employer. Full time position available. Experience preferred but will train the right person. Excellent benefits, competitive wages, paid vacation and holidays. Apply in person or send resume. Equal Opportunity Employer.

MEDICAL TECHNOLOGIST

Full time position available. Experience preferred but will train the right person. Excellent benefits, competitive wages, paid vacation and holidays. Apply in person or send resume. Equal Opportunity Employer. Full time position available. Experience preferred but will train the right person. Excellent benefits, competitive wages, paid vacation and holidays. Apply in person or send resume. Equal Opportunity Employer. Full time position available. Experience preferred but will train the right person. Excellent benefits, competitive wages, paid vacation and holidays. Apply in person or send resume. Equal Opportunity Employer.

502 Help Wanted Dental-Medical

MEDICAL RECEPTIONIST

Full time position available. Experience preferred but will train the right person. Excellent benefits, competitive wages, paid vacation and holidays. Apply in person or send resume. Equal Opportunity Employer. Full time position available. Experience preferred but will train the right person. Excellent benefits, competitive wages, paid vacation and holidays. Apply in person or send resume. Equal Opportunity Employer. Full time position available. Experience preferred but will train the right person. Excellent benefits, competitive wages, paid vacation and holidays. Apply in person or send resume. Equal Opportunity Employer.

MEDICAL SENIOR BILLER

Full time position available. Experience preferred but will train the right person. Excellent benefits, competitive wages, paid vacation and holidays. Apply in person or send resume. Equal Opportunity Employer. Full time position available. Experience preferred but will train the right person. Excellent benefits, competitive wages, paid vacation and holidays. Apply in person or send resume. Equal Opportunity Employer. Full time position available. Experience preferred but will train the right person. Excellent benefits, competitive wages, paid vacation and holidays. Apply in person or send resume. Equal Opportunity Employer.

MEDICAL TECHNOLOGIST

Full time position available. Experience preferred but will train the right person. Excellent benefits, competitive wages, paid vacation and holidays. Apply in person or send resume. Equal Opportunity Employer. Full time position available. Experience preferred but will train the right person. Excellent benefits, competitive wages, paid vacation and holidays. Apply in person or send resume. Equal Opportunity Employer. Full time position available. Experience preferred but will train the right person. Excellent benefits, competitive wages, paid vacation and holidays. Apply in person or send resume. Equal Opportunity Employer.

NURSE AIDES

Full time position available. Experience preferred but will train the right person. Excellent benefits, competitive wages, paid vacation and holidays. Apply in person or send resume. Equal Opportunity Employer. Full time position available. Experience preferred but will train the right person. Excellent benefits, competitive wages, paid vacation and holidays. Apply in person or send resume. Equal Opportunity Employer.

NURSING UNLIMITED

Full time position available. Experience preferred but will train the right person. Excellent benefits, competitive wages, paid vacation and holidays. Apply in person or send resume. Equal Opportunity Employer. Full time position available. Experience preferred but will train the right person. Excellent benefits, competitive wages, paid vacation and holidays. Apply in person or send resume. Equal Opportunity Employer.

540-2360

NURSES

Full time position available. Experience preferred but will train the right person. Excellent benefits, competitive wages, paid vacation and holidays. Apply in person or send resume. Equal Opportunity Employer. Full time position available. Experience preferred but will train the right person. Excellent benefits, competitive wages, paid vacation and holidays. Apply in person or send resume. Equal Opportunity Employer. Full time position available. Experience preferred but will train the right person. Excellent benefits, competitive wages, paid vacation and holidays. Apply in person or send resume. Equal Opportunity Employer.

OCCUPATIONAL THERAPIST

Full time position available. Experience preferred but will train the right person. Excellent benefits, competitive wages, paid vacation and holidays. Apply in person or send resume. Equal Opportunity Employer. Full time position available. Experience preferred but will train the right person. Excellent benefits, competitive wages, paid vacation and holidays. Apply in person or send resume. Equal Opportunity Employer. Full time position available. Experience preferred but will train the right person. Excellent benefits, competitive wages, paid vacation and holidays. Apply in person or send resume. Equal Opportunity Employer.

ON-CALL NURSE

Full time position available. Experience preferred but will train the right person. Excellent benefits, competitive wages, paid vacation and holidays. Apply in person or send resume. Equal Opportunity Employer. Full time position available. Experience preferred but will train the right person. Excellent benefits, competitive wages, paid vacation and holidays. Apply in person or send resume. Equal Opportunity Employer. Full time position available. Experience preferred but will train the right person. Excellent benefits, competitive wages, paid vacation and holidays. Apply in person or send resume. Equal Opportunity Employer.

OPTHALMIC TECHNICIAN

Full time position available. Experience preferred but will train the right person. Excellent benefits, competitive wages, paid vacation and holidays. Apply in person or send resume. Equal Opportunity Employer. Full time position available. Experience preferred but will train the right person. Excellent benefits, competitive wages, paid vacation and holidays. Apply in person or send resume. Equal Opportunity Employer. Full time position available. Experience preferred but will train the right person. Excellent benefits, competitive wages, paid vacation and holidays. Apply in person or send resume. Equal Opportunity Employer.

PHYSICAL THERAPY AIDE

Full time position available. Experience preferred but will train the right person. Excellent benefits, competitive wages, paid vacation and holidays. Apply in person or send resume. Equal Opportunity Employer. Full time position available. Experience preferred but will train the right person. Excellent benefits, competitive wages, paid vacation and holidays. Apply in person or send resume. Equal Opportunity Employer. Full time position available. Experience preferred but will train the right person. Excellent benefits, competitive wages, paid vacation and holidays. Apply in person or send resume. Equal Opportunity Employer.

RECEPTIONIST

Full time position available. Experience preferred but will train the right person. Excellent benefits, competitive wages, paid vacation and holidays. Apply in person or send resume. Equal Opportunity Employer. Full time position available. Experience preferred but will train the right person. Excellent benefits, competitive wages, paid vacation and holidays. Apply in person or send resume. Equal Opportunity Employer. Full time position available. Experience preferred but will train the right person. Excellent benefits, competitive wages, paid vacation and holidays. Apply in person or send resume. Equal Opportunity Employer.

MEDICAL UNIT MANAGER

Full time position available. Experience preferred but will train the right person. Excellent benefits, competitive wages, paid vacation and holidays. Apply in person or send resume. Equal Opportunity Employer. Full time position available. Experience preferred but will train the right person. Excellent benefits, competitive wages, paid vacation and holidays. Apply in person or send resume. Equal Opportunity Employer. Full time position available. Experience preferred but will train the right person. Excellent benefits, competitive wages, paid vacation and holidays. Apply in person or send resume. Equal Opportunity Employer.

RN's/LPN's/HHA's

Full time position available. Experience preferred but will train the right person. Excellent benefits, competitive wages, paid vacation and holidays. Apply in person or send resume. Equal Opportunity Employer. Full time position available. Experience preferred but will train the right person. Excellent benefits, competitive wages, paid vacation and holidays. Apply in person or send resume. Equal Opportunity Employer.

RN OR LPN

Full time position available. Experience preferred but will train the right person. Excellent benefits, competitive wages, paid vacation and holidays. Apply in person or send resume. Equal Opportunity Employer. Full time position available. Experience preferred but will train the right person. Excellent benefits, competitive wages, paid vacation and holidays. Apply in person or send resume. Equal Opportunity Employer. Full time position available. Experience preferred but will train the right person. Excellent benefits, competitive wages, paid vacation and holidays. Apply in person or send resume. Equal Opportunity Employer.

X-RAY TECH

Full time position available. Experience preferred but will train the right person. Excellent benefits, competitive wages, paid vacation and holidays. Apply in person or send resume. Equal Opportunity Employer. Full time position available. Experience preferred but will train the right person. Excellent benefits, competitive wages, paid vacation and holidays. Apply in person or send resume. Equal Opportunity Employer. Full time position available. Experience preferred but will train the right person. Excellent benefits, competitive wages, paid vacation and holidays. Apply in person or send resume. Equal Opportunity Employer.

504 Help Wanted Office-Clerical
